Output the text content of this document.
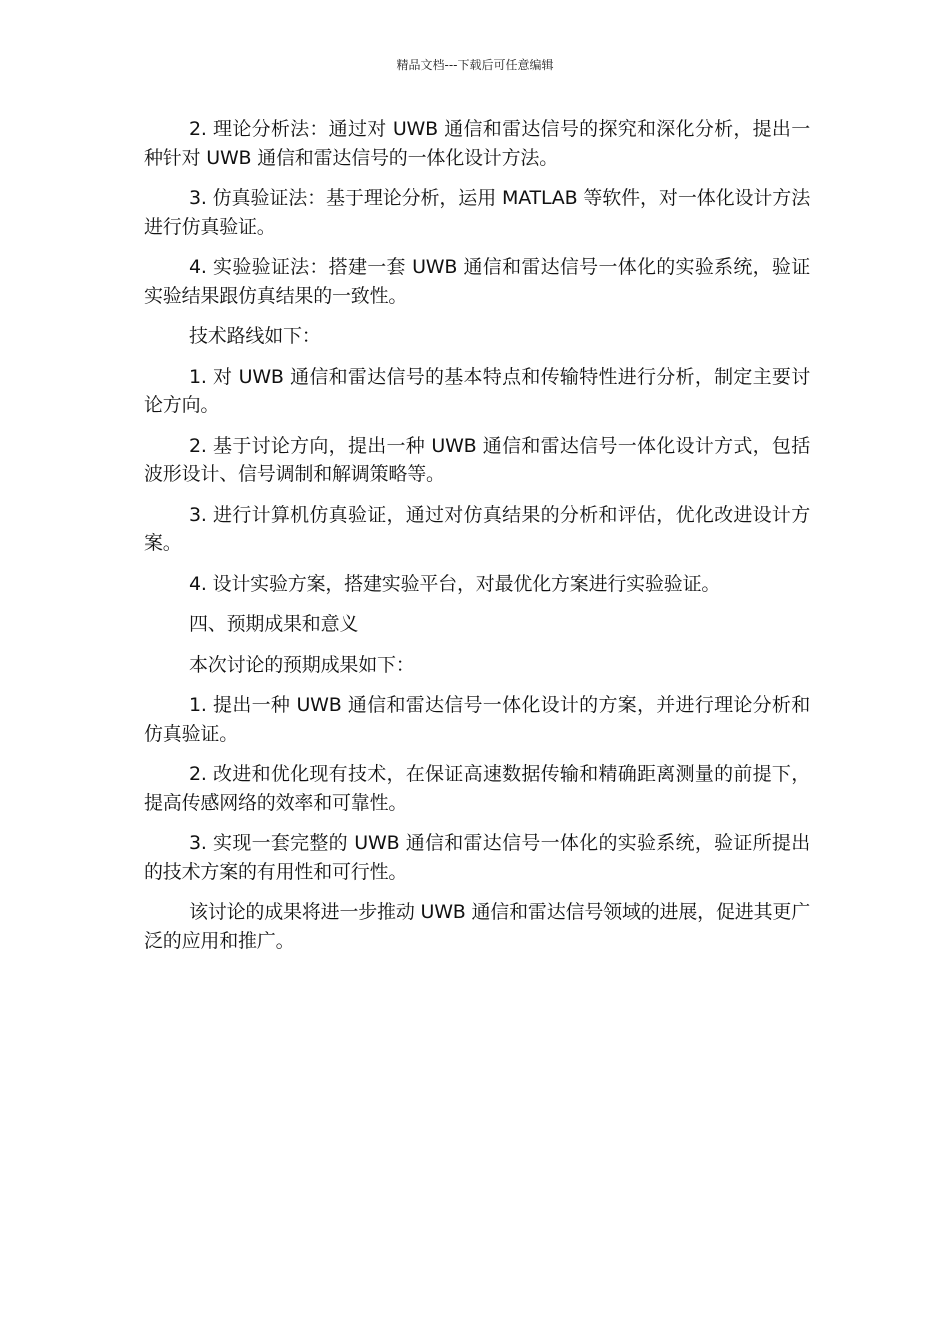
精品文档---下载后可任意编辑

2. 理论分析法：通过对 UWB 通信和雷达信号的探究和深化分析，提出一种针对 UWB 通信和雷达信号的一体化设计方法。

3. 仿真验证法：基于理论分析，运用 MATLAB 等软件，对一体化设计方法进行仿真验证。

4. 实验验证法：搭建一套 UWB 通信和雷达信号一体化的实验系统，验证实验结果跟仿真结果的一致性。

技术路线如下：

1. 对 UWB 通信和雷达信号的基本特点和传输特性进行分析，制定主要讨论方向。

2. 基于讨论方向，提出一种 UWB 通信和雷达信号一体化设计方式，包括波形设计、信号调制和解调策略等。

3. 进行计算机仿真验证，通过对仿真结果的分析和评估，优化改进设计方案。

4. 设计实验方案，搭建实验平台，对最优化方案进行实验验证。

四、预期成果和意义

本次讨论的预期成果如下：

1. 提出一种 UWB 通信和雷达信号一体化设计的方案，并进行理论分析和仿真验证。

2. 改进和优化现有技术，在保证高速数据传输和精确距离测量的前提下，提高传感网络的效率和可靠性。

3. 实现一套完整的 UWB 通信和雷达信号一体化的实验系统，验证所提出的技术方案的有用性和可行性。

该讨论的成果将进一步推动 UWB 通信和雷达信号领域的进展，促进其更广泛的应用和推广。
